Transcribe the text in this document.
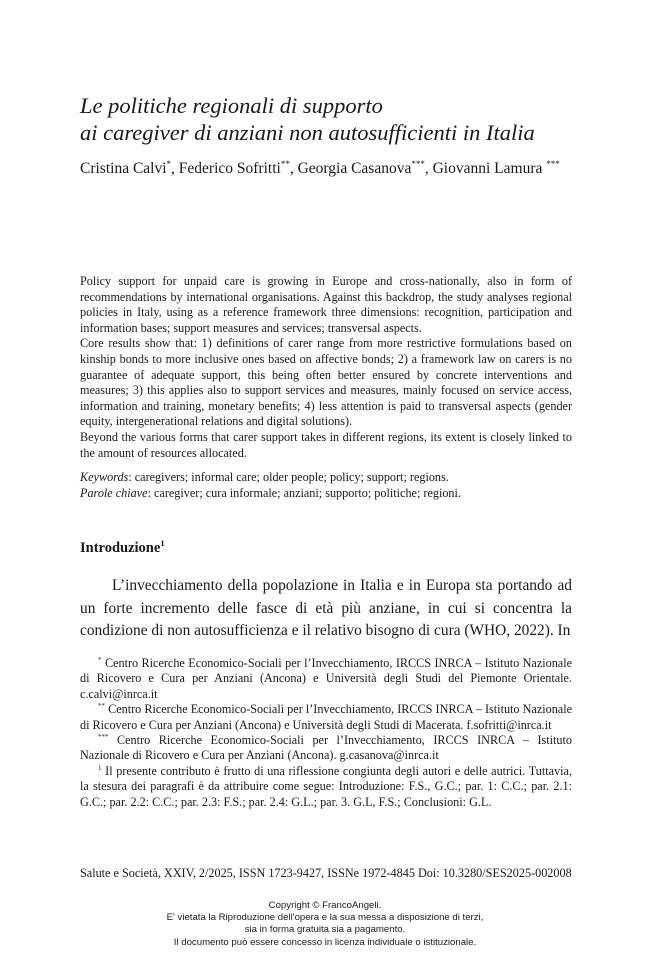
Le politiche regionali di supporto
ai caregiver di anziani non autosufficienti in Italia
Cristina Calvi*, Federico Sofritti**, Georgia Casanova***, Giovanni Lamura ***

Policy support for unpaid care is growing in Europe and cross-nationally, also in form of recommendations by international organisations. Against this backdrop, the study analyses regional policies in Italy, using as a reference framework three dimensions: recognition, participation and information bases; support measures and services; transversal aspects.

Core results show that: 1) definitions of carer range from more restrictive formulations based on kinship bonds to more inclusive ones based on affective bonds; 2) a framework law on carers is no guarantee of adequate support, this being often better ensured by concrete interventions and measures; 3) this applies also to support services and measures, mainly focused on service access, information and training, monetary benefits; 4) less attention is paid to transversal aspects (gender equity, intergenerational relations and digital solutions).

Beyond the various forms that carer support takes in different regions, its extent is closely linked to the amount of resources allocated.

Keywords: caregivers; informal care; older people; policy; support; regions.

Parole chiave: caregiver; cura informale; anziani; supporto; politiche; regioni.

Introduzione$^1$

L’invecchiamento della popolazione in Italia e in Europa sta portando ad un forte incremento delle fasce di età più anziane, in cui si concentra la condizione di non autosufficienza e il relativo bisogno di cura (WHO, 2022). In

* Centro Ricerche Economico-Sociali per l’Invecchiamento, IRCCS INRCA – Istituto Nazionale di Ricovero e Cura per Anziani (Ancona) e Università degli Studi del Piemonte Orientale. c.calvi@inrca.it

** Centro Ricerche Economico-Sociali per l’Invecchiamento, IRCCS INRCA – Istituto Nazionale di Ricovero e Cura per Anziani (Ancona) e Università degli Studi di Macerata. f.sofritti@inrca.it

*** Centro Ricerche Economico-Sociali per l’Invecchiamento, IRCCS INRCA – Istituto Nazionale di Ricovero e Cura per Anziani (Ancona). g.casanova@inrca.it

$^1$ Il presente contributo è frutto di una riflessione congiunta degli autori e delle autrici. Tuttavia, la stesura dei paragrafi è da attribuire come segue: Introduzione: F.S., G.C.; par. 1: C.C.; par. 2.1: G.C.; par. 2.2: C.C.; par. 2.3: F.S.; par. 2.4: G.L.; par. 3. G.L, F.S.; Conclusioni: G.L.

Salute e Società, XXIV, 2/2025, ISSN 1723-9427, ISSNe 1972-4845 Doi: 10.3280/SES2025-002008
Copyright © FrancoAngeli.
E' vietata la Riproduzione dell'opera e la sua messa a disposizione di terzi,
sia in forma gratuita sia a pagamento.
Il documento può essere concesso in licenza individuale o istituzionale.
